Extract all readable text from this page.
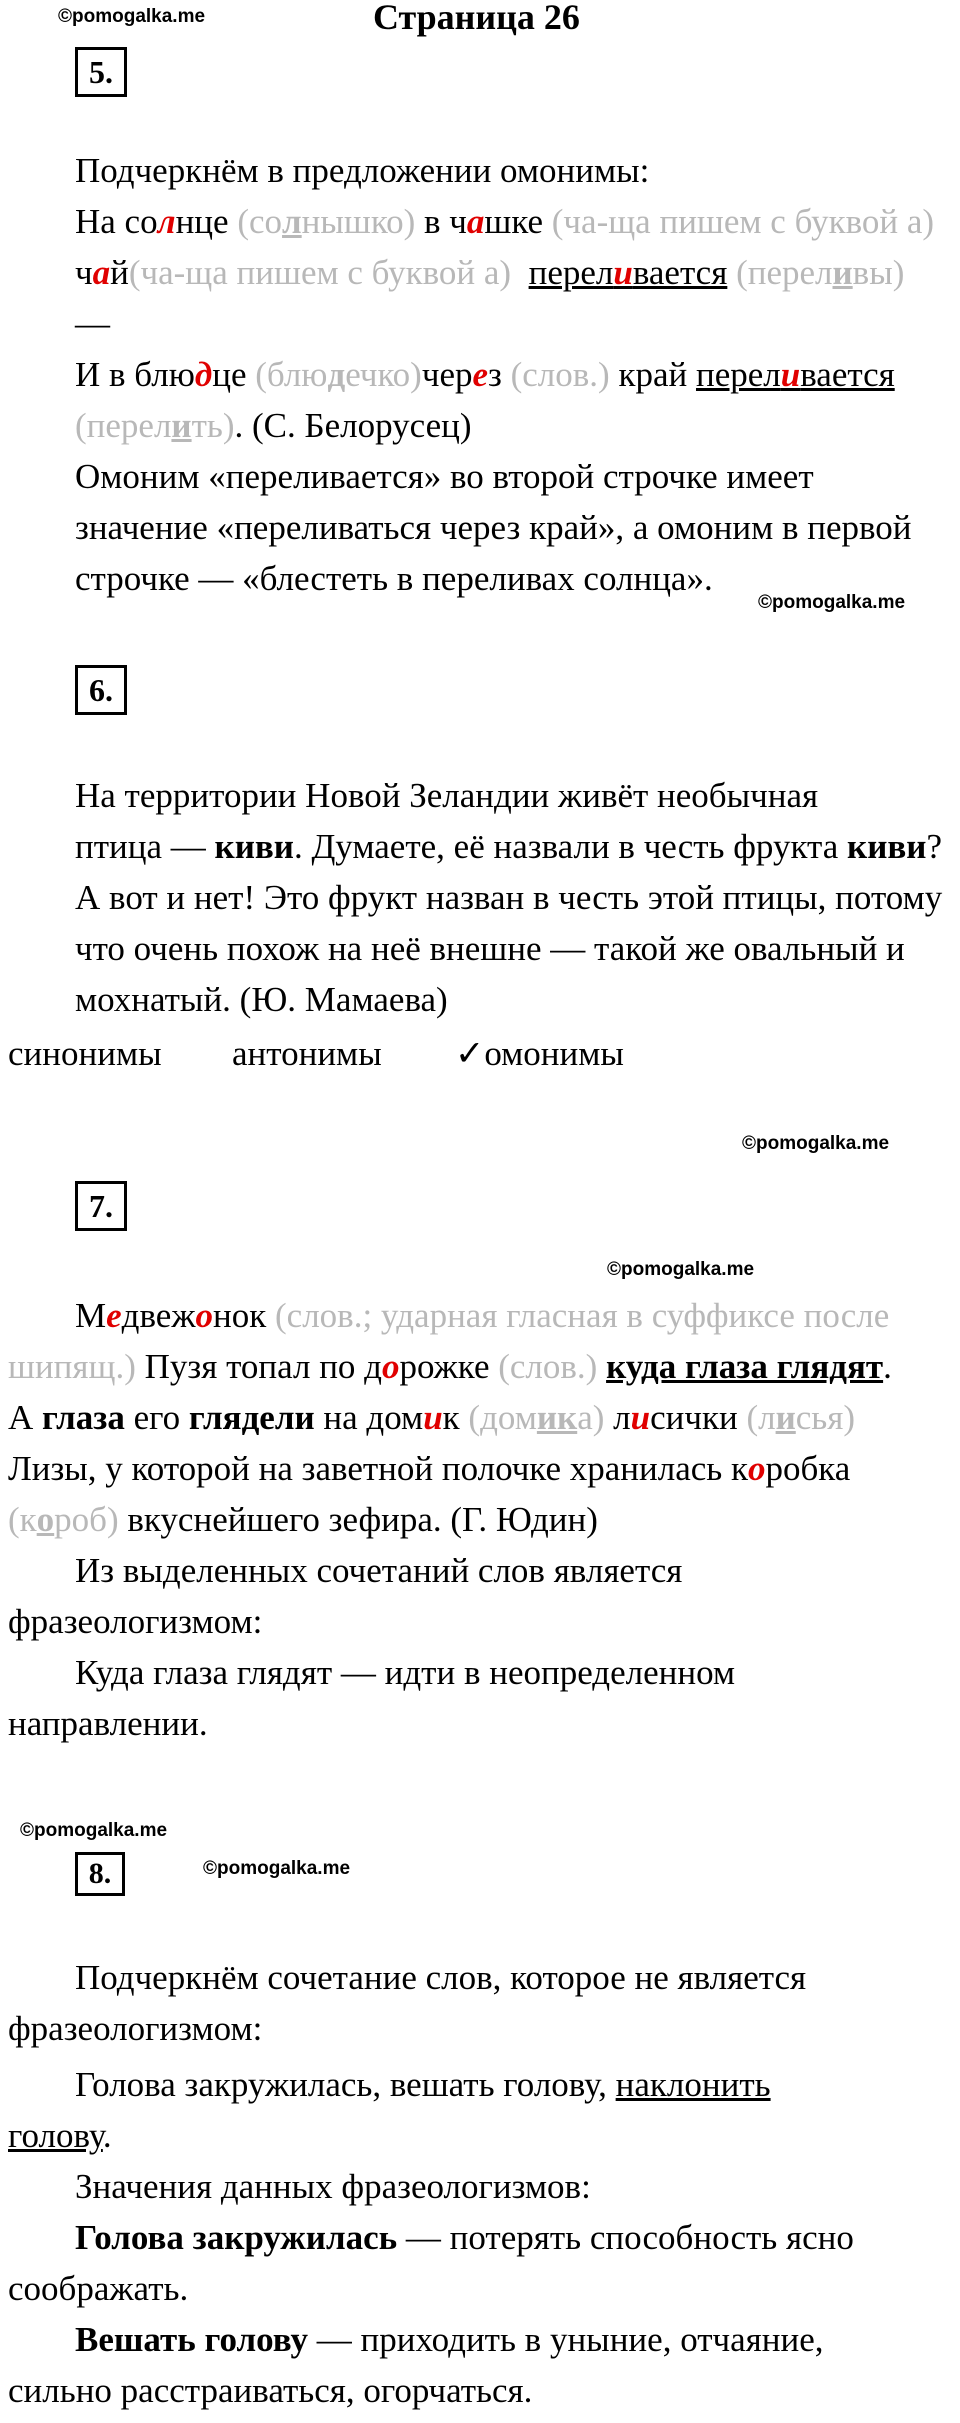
©pomogalka.me	Страница 26
5.
Подчеркнём в предложении омонимы:
На солнце (солнышко) в чашке (ча-ща пишем с буквой а)
чай(ча-ща пишем с буквой а) переливается (переливы)
—
И в блюдце (блюдечко)через (слов.) край переливается
(перелить). (С. Белорусец)
Омоним «переливается» во второй строчке имеет
значение «переливаться через край», а омоним в первой
строчке — «блестеть в переливах солнца».
©pomogalka.me
6.
На территории Новой Зеландии живёт необычная
птица — киви. Думаете, её назвали в честь фрукта киви?
А вот и нет! Это фрукт назван в честь этой птицы, потому
что очень похож на неё внешне — такой же овальный и
мохнатый. (Ю. Мамаева)
синонимы антонимы ✓омонимы
©pomogalka.me
7.
©pomogalka.me
Медвежонок (слов.; ударная гласная в суффиксе после
шипящ.) Пузя топал по дорожке (слов.) куда глаза глядят.
А глаза его глядели на домик (домика) лисички (лисья)
Лизы, у которой на заветной полочке хранилась коробка
(короб) вкуснейшего зефира. (Г. Юдин)
Из выделенных сочетаний слов является
фразеологизмом:
Куда глаза глядят — идти в неопределенном
направлении.
©pomogalka.me
8.	©pomogalka.me
Подчеркнём сочетание слов, которое не является
фразеологизмом:
Голова закружилась, вешать голову, наклонить
голову.
Значения данных фразеологизмов:
Голова закружилась — потерять способность ясно
соображать.
Вешать голову — приходить в уныние, отчаяние,
сильно расстраиваться, огорчаться.
